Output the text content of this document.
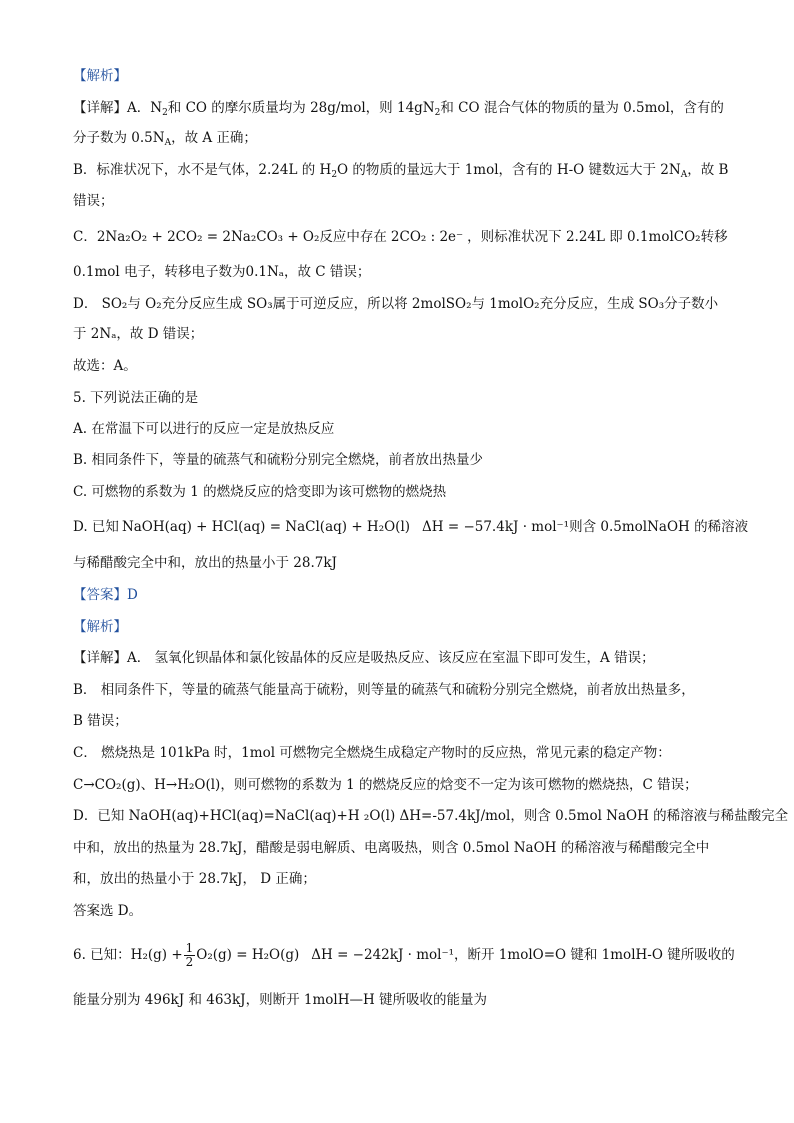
【解析】
【详解】A．$N_2$和 CO 的摩尔质量均为 28g/mol，则 $14gN_2$和 CO 混合气体的物质的量为 0.5mol，含有的
分子数为 $0.5N_A$，故 A 正确；
B．标准状况下，水不是气体，2.24L 的 $H_2O$ 的物质的量远大于 1mol，含有的 H-O 键数远大于 $2N_A$，故 B
错误；
C．2Na₂O₂ + 2CO₂ = 2Na₂CO₃ + O₂反应中存在 2CO₂ : 2e⁻ ，则标准状况下 2.24L 即 0.1molCO₂转移
0.1mol 电子，转移电子数为0.1Nₐ，故 C 错误；
D． SO₂与 O₂充分反应生成 SO₃属于可逆反应，所以将 2molSO₂与 1molO₂充分反应，生成 SO₃分子数小
于 2Nₐ，故 D 错误；
故选：A。
5. 下列说法正确的是
A. 在常温下可以进行的反应一定是放热反应
B. 相同条件下，等量的硫蒸气和硫粉分别完全燃烧，前者放出热量少
C. 可燃物的系数为 1 的燃烧反应的焓变即为该可燃物的燃烧热
D. 已知 NaOH(aq) + HCl(aq) = NaCl(aq) + H₂O(l) ΔH = −57.4kJ · mol⁻¹则含 0.5molNaOH 的稀溶液
与稀醋酸完全中和，放出的热量小于 28.7kJ
【答案】D
【解析】
【详解】A． 氢氧化钡晶体和氯化铵晶体的反应是吸热反应、该反应在室温下即可发生，A 错误；
B． 相同条件下，等量的硫蒸气能量高于硫粉，则等量的硫蒸气和硫粉分别完全燃烧，前者放出热量多，
B 错误；
C． 燃烧热是 101kPa 时，1mol 可燃物完全燃烧生成稳定产物时的反应热，常见元素的稳定产物：
C→CO₂(g)、H→H₂O(l)，则可燃物的系数为 1 的燃烧反应的焓变不一定为该可燃物的燃烧热，C 错误；
D．已知 NaOH(aq)+HCl(aq)=NaCl(aq)+H ₂O(l) ΔH=-57.4kJ/mol，则含 0.5mol NaOH 的稀溶液与稀盐酸完全
中和，放出的热量为 28.7kJ，醋酸是弱电解质、电离吸热，则含 0.5mol NaOH 的稀溶液与稀醋酸完全中
和，放出的热量小于 28.7kJ， D 正确；
答案选 D。
6. 已知：$H_2(g) + \frac{1}{2} O_2(g) = H_2O(g) \Delta H = -242kJ \cdot mol^{-1}$，断开 1molO=O 键和 1molH-O 键所吸收的
能量分别为 496kJ 和 463kJ，则断开 1molH—H 键所吸收的能量为
